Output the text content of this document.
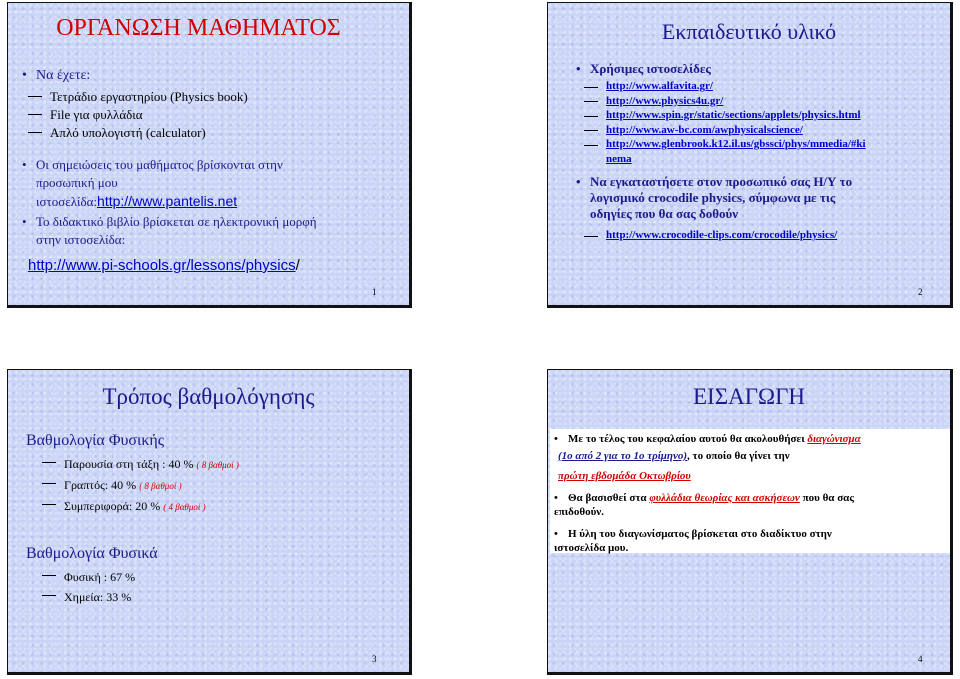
ΟΡΓΑΝΩΣΗ ΜΑΘΗΜΑΤΟΣ
• Να έχετε:
Τετράδιο εργαστηρίου (Physics book)
File για φυλλάδια
Απλό υπολογιστή (calculator)
• Οι σημειώσεις του μαθήματος βρίσκονται στην
προσωπική μου
ιστοσελίδα:http://www.pantelis.net
• Το διδακτικό βιβλίο βρίσκεται σε ηλεκτρονική μορφή
στην ιστοσελίδα:
http://www.pi-schools.gr/lessons/physics/
1
Εκπαιδευτικό υλικό
• Χρήσιμες ιστοσελίδες
http://www.alfavita.gr/
http://www.physics4u.gr/
http://www.spin.gr/static/sections/applets/physics.html
http://www.aw-bc.com/awphysicalscience/
http://www.glenbrook.k12.il.us/gbssci/phys/mmedia/#ki
nema
• Να εγκαταστήσετε στον προσωπικό σας Η/Υ το
λογισμικό crocodile physics, σύμφωνα με τις
οδηγίες που θα σας δοθούν
http://www.crocodile-clips.com/crocodile/physics/
2
Τρόπος βαθμολόγησης
Βαθμολογία Φυσικής
Παρουσία στη τάξη : 40 % ( 8 βαθμοί )
Γραπτός: 40 % ( 8 βαθμοί )
Συμπεριφορά: 20 % ( 4 βαθμοί )
Βαθμολογία Φυσικά
Φυσική : 67 %
Χημεία: 33 %
3
ΕΙΣΑΓΩΓΗ
• Με το τέλος του κεφαλαίου αυτού θα ακολουθήσει διαγώνισμα
(1ο από 2 για το 1ο τρίμηνο), το οποίο θα γίνει την
πρώτη εβδομάδα Οκτωβρίου
• Θα βασισθεί στα φυλλάδια θεωρίας και ασκήσεων που θα σας
επιδοθούν.
• Η ύλη του διαγωνίσματος βρίσκεται στο διαδίκτυο στην
ιστοσελίδα μου.
4
